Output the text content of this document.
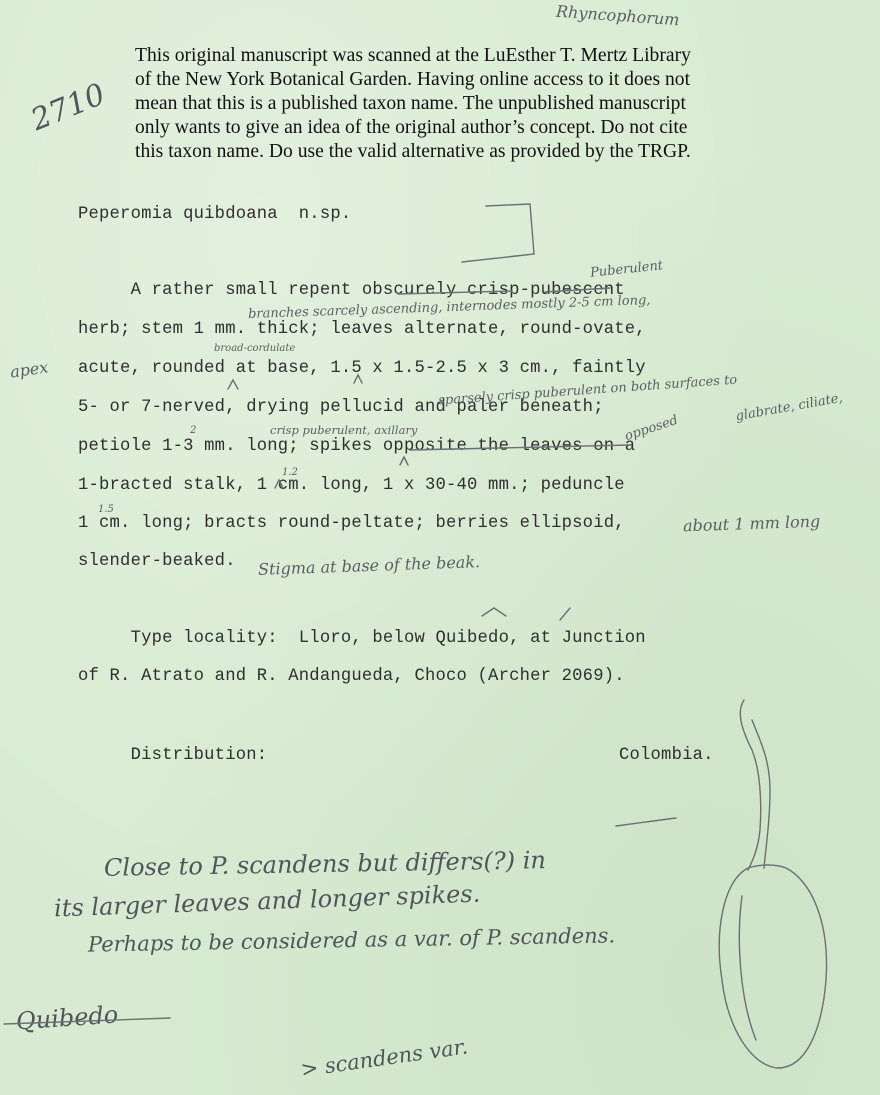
This original manuscript was scanned at the LuEsther T. Mertz Library
of the New York Botanical Garden. Having online access to it does not
mean that this is a published taxon name. The unpublished manuscript
only wants to give an idea of the original author’s concept. Do not cite
this taxon name. Do use the valid alternative as provided by the TRGP.
Peperomia quibdoana  n.sp.
A rather small repent obscurely crisp-pubescent
herb; stem 1 mm. thick; leaves alternate, round-ovate,
acute, rounded at base, 1.5 x 1.5-2.5 x 3 cm., faintly
5- or 7-nerved, drying pellucid and paler beneath;
petiole 1-3 mm. long; spikes opposite the leaves on a
1-bracted stalk, 1 cm. long, 1 x 30-40 mm.; peduncle
1 cm. long; bracts round-peltate; berries ellipsoid,
slender-beaked.
Type locality:  Lloro, below Quibedo, at Junction
of R. Atrato and R. Andangueda, Choco (Archer 2069).
Distribution:	Colombia.
Rhyncophorum
2710
Puberulent
branches scarcely ascending, internodes mostly 2-5 cm long,
broad-cordulate
apex
sparsely crisp puberulent on both surfaces to
glabrate, ciliate,
crisp puberulent, axillary	opposed
2
1.2
1.5
about 1 mm long
Stigma at base of the beak.
Close to P. scandens but differs(?) in
its larger leaves and longer spikes.
Perhaps to be considered as a var. of P. scandens.
Quibedo
> scandens var.
